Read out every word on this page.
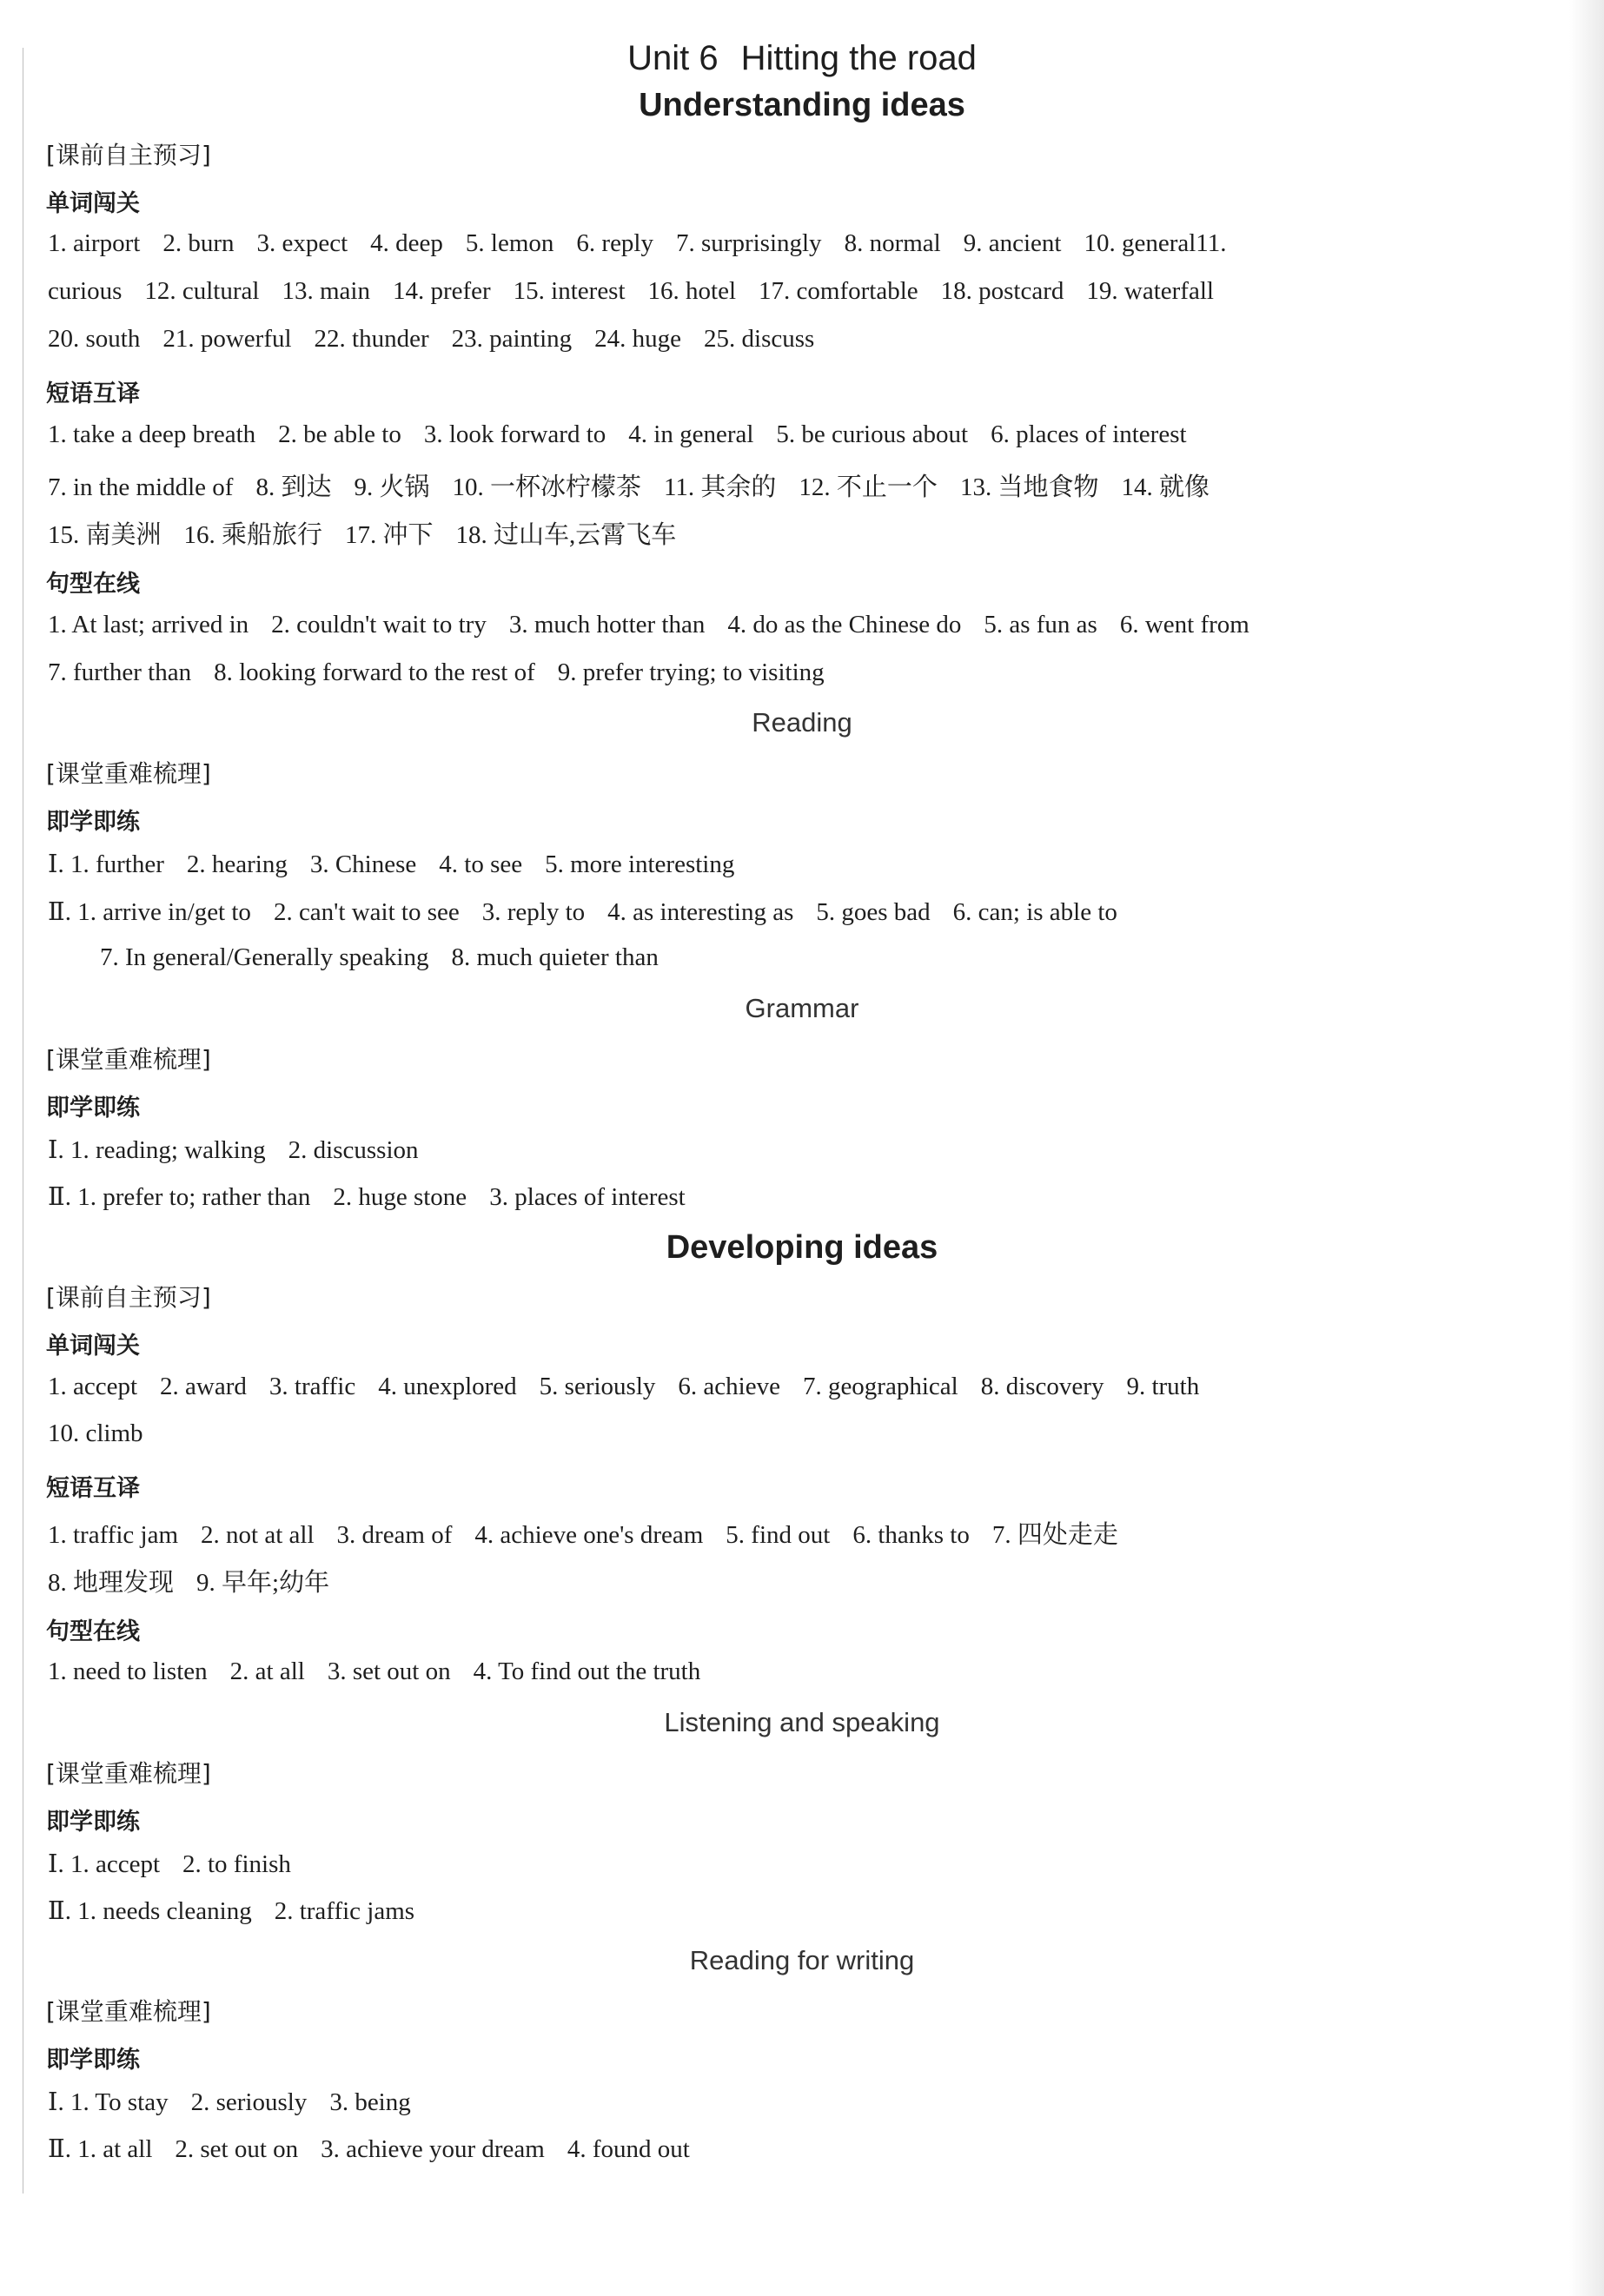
Unit 6 Hitting the road
Understanding ideas
[课前自主预习]
单词闯关
1. airport 2. burn 3. expect 4. deep 5. lemon 6. reply 7. surprisingly 8. normal 9. ancient 10. general11.
curious 12. cultural 13. main 14. prefer 15. interest 16. hotel 17. comfortable 18. postcard 19. waterfall
20. south 21. powerful 22. thunder 23. painting 24. huge 25. discuss
短语互译
1. take a deep breath 2. be able to 3. look forward to 4. in general 5. be curious about 6. places of interest
7. in the middle of 8. 到达 9. 火锅 10. 一杯冰柠檬茶 11. 其余的 12. 不止一个 13. 当地食物 14. 就像
15. 南美洲 16. 乘船旅行 17. 冲下 18. 过山车,云霄飞车
句型在线
1. At last; arrived in 2. couldn't wait to try 3. much hotter than 4. do as the Chinese do 5. as fun as 6. went from
7. further than 8. looking forward to the rest of 9. prefer trying; to visiting
Reading
[课堂重难梳理]
即学即练
Ⅰ. 1. further 2. hearing 3. Chinese 4. to see 5. more interesting
Ⅱ. 1. arrive in/get to 2. can't wait to see 3. reply to 4. as interesting as 5. goes bad 6. can; is able to
7. In general/Generally speaking 8. much quieter than
Grammar
[课堂重难梳理]
即学即练
Ⅰ. 1. reading; walking 2. discussion
Ⅱ. 1. prefer to; rather than 2. huge stone 3. places of interest
Developing ideas
[课前自主预习]
单词闯关
1. accept 2. award 3. traffic 4. unexplored 5. seriously 6. achieve 7. geographical 8. discovery 9. truth
10. climb
短语互译
1. traffic jam 2. not at all 3. dream of 4. achieve one's dream 5. find out 6. thanks to 7. 四处走走
8. 地理发现 9. 早年;幼年
句型在线
1. need to listen 2. at all 3. set out on 4. To find out the truth
Listening and speaking
[课堂重难梳理]
即学即练
Ⅰ. 1. accept 2. to finish
Ⅱ. 1. needs cleaning 2. traffic jams
Reading for writing
[课堂重难梳理]
即学即练
Ⅰ. 1. To stay 2. seriously 3. being
Ⅱ. 1. at all 2. set out on 3. achieve your dream 4. found out
